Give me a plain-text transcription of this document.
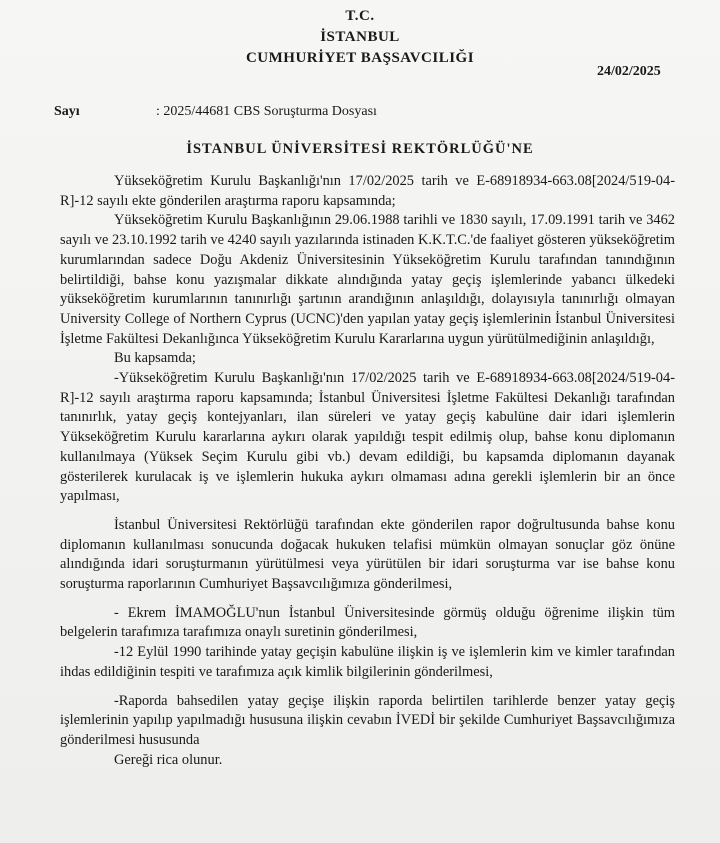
T.C.
İSTANBUL
CUMHURİYET BAŞSAVCILIĞI
24/02/2025
Sayı	: 2025/44681 CBS Soruşturma Dosyası
İSTANBUL ÜNİVERSİTESİ REKTÖRLÜĞÜ'NE

Yükseköğretim Kurulu Başkanlığı'nın 17/02/2025 tarih ve E-68918934-663.08[2024/519-04-R]-12 sayılı ekte gönderilen araştırma raporu kapsamında;

Yükseköğretim Kurulu Başkanlığının 29.06.1988 tarihli ve 1830 sayılı, 17.09.1991 tarih ve 3462 sayılı ve 23.10.1992 tarih ve 4240 sayılı yazılarında istinaden K.K.T.C.'de faaliyet gösteren yükseköğretim kurumlarından sadece Doğu Akdeniz Üniversitesinin Yükseköğretim Kurulu tarafından tanındığının belirtildiği, bahse konu yazışmalar dikkate alındığında yatay geçiş işlemlerinde yabancı ülkedeki yükseköğretim kurumlarının tanınırlığı şartının arandığının anlaşıldığı, dolayısıyla tanınırlığı olmayan University College of Northern Cyprus (UCNC)'den yapılan yatay geçiş işlemlerinin İstanbul Üniversitesi İşletme Fakültesi Dekanlığınca Yükseköğretim Kurulu Kararlarına uygun yürütülmediğinin anlaşıldığı,

Bu kapsamda;

-Yükseköğretim Kurulu Başkanlığı'nın 17/02/2025 tarih ve E-68918934-663.08[2024/519-04-R]-12 sayılı araştırma raporu kapsamında; İstanbul Üniversitesi İşletme Fakültesi Dekanlığı tarafından tanınırlık, yatay geçiş kontejyanları, ilan süreleri ve yatay geçiş kabulüne dair idari işlemlerin Yükseköğretim Kurulu kararlarına aykırı olarak yapıldığı tespit edilmiş olup, bahse konu diplomanın kullanılmaya (Yüksek Seçim Kurulu gibi vb.) devam edildiği, bu kapsamda diplomanın dayanak gösterilerek kurulacak iş ve işlemlerin hukuka aykırı olmaması adına gerekli işlemlerin bir an önce yapılması,

İstanbul Üniversitesi Rektörlüğü tarafından ekte gönderilen rapor doğrultusunda bahse konu diplomanın kullanılması sonucunda doğacak hukuken telafisi mümkün olmayan sonuçlar göz önüne alındığında idari soruşturmanın yürütülmesi veya yürütülen bir idari soruşturma var ise bahse konu soruşturma raporlarının Cumhuriyet Başsavcılığımıza gönderilmesi,

- Ekrem İMAMOĞLU'nun İstanbul Üniversitesinde görmüş olduğu öğrenime ilişkin tüm belgelerin tarafımıza tarafımıza onaylı suretinin gönderilmesi,

-12 Eylül 1990 tarihinde yatay geçişin kabulüne ilişkin iş ve işlemlerin kim ve kimler tarafından ihdas edildiğinin tespiti ve tarafımıza açık kimlik bilgilerinin gönderilmesi,

-Raporda bahsedilen yatay geçişe ilişkin raporda belirtilen tarihlerde benzer yatay geçiş işlemlerinin yapılıp yapılmadığı hususuna ilişkin cevabın İVEDİ bir şekilde Cumhuriyet Başsavcılığımıza gönderilmesi hususunda

Gereği rica olunur.
